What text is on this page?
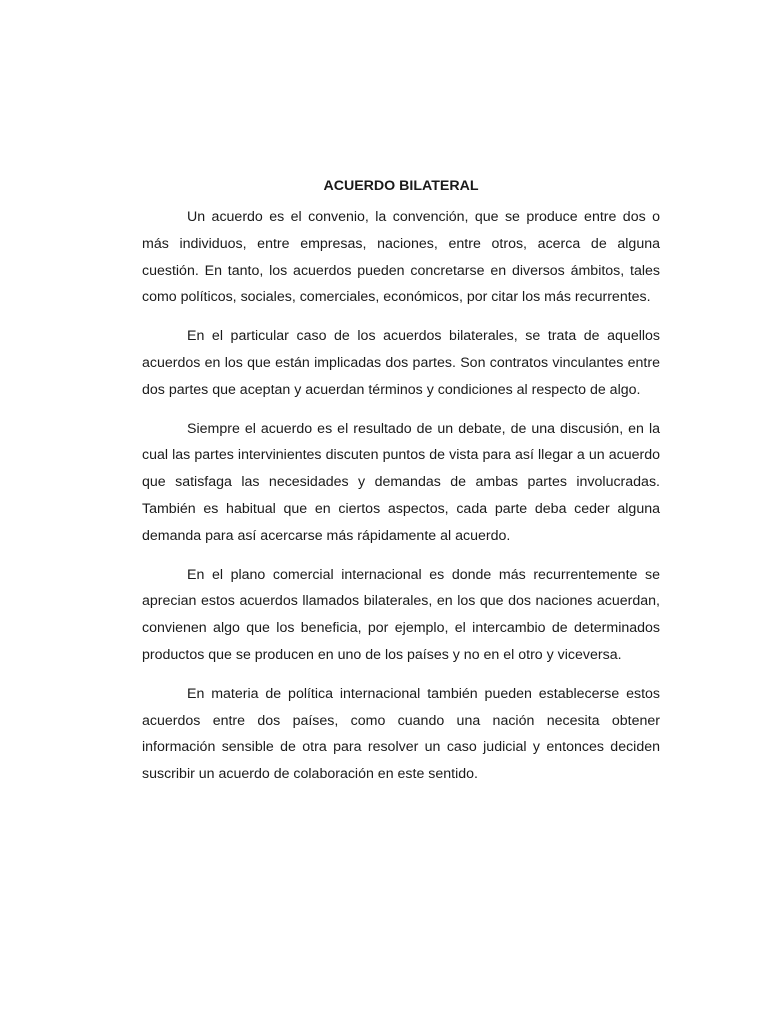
ACUERDO BILATERAL

Un acuerdo es el convenio, la convención, que se produce entre dos o más individuos, entre empresas, naciones, entre otros, acerca de alguna cuestión. En tanto, los acuerdos pueden concretarse en diversos ámbitos, tales como políticos, sociales, comerciales, económicos, por citar los más recurrentes.

En el particular caso de los acuerdos bilaterales, se trata de aquellos acuerdos en los que están implicadas dos partes. Son contratos vinculantes entre dos partes que aceptan y acuerdan términos y condiciones al respecto de algo.

Siempre el acuerdo es el resultado de un debate, de una discusión, en la cual las partes intervinientes discuten puntos de vista para así llegar a un acuerdo que satisfaga las necesidades y demandas de ambas partes involucradas. También es habitual que en ciertos aspectos, cada parte deba ceder alguna demanda para así acercarse más rápidamente al acuerdo.

En el plano comercial internacional es donde más recurrentemente se aprecian estos acuerdos llamados bilaterales, en los que dos naciones acuerdan, convienen algo que los beneficia, por ejemplo, el intercambio de determinados productos que se producen en uno de los países y no en el otro y viceversa.

En materia de política internacional también pueden establecerse estos acuerdos entre dos países, como cuando una nación necesita obtener información sensible de otra para resolver un caso judicial y entonces deciden suscribir un acuerdo de colaboración en este sentido.
